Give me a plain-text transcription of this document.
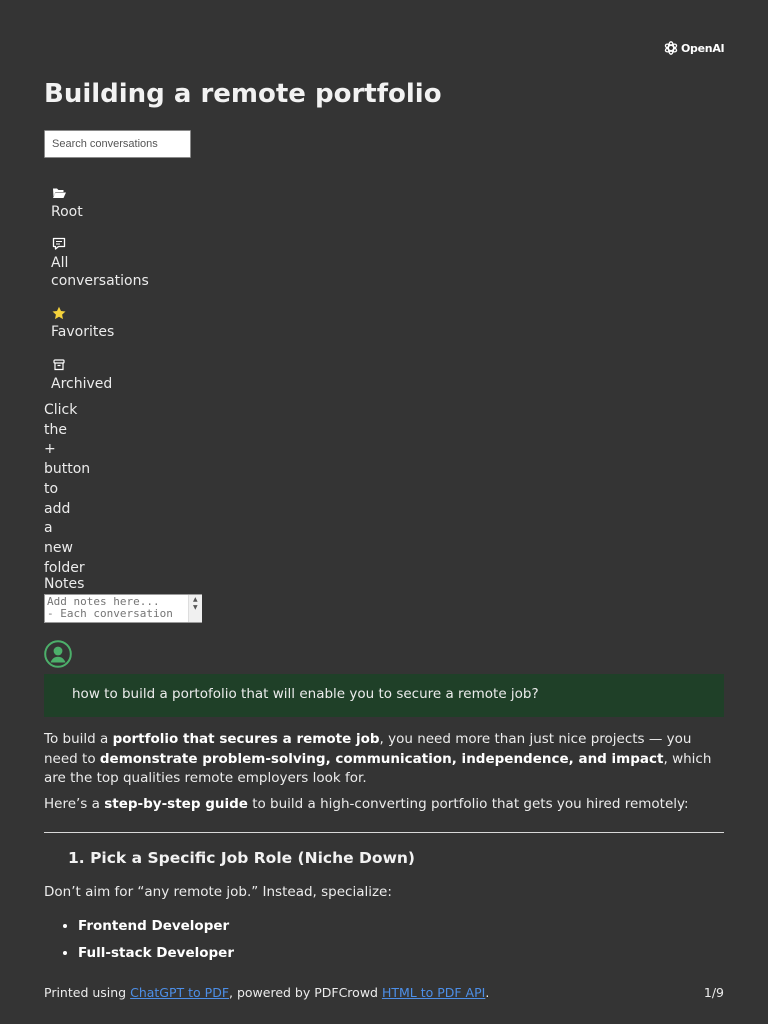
OpenAI
Building a remote portfolio
Search conversations
Root
All
conversations
Favorites
Archived
Click
the
+
button
to
add
a
new
folder
Notes
Add notes here... - Each conversation
▲
▼
how to build a portofolio that will enable you to secure a remote job?

To build a portfolio that secures a remote job, you need more than just nice projects — you need to demonstrate problem-solving, communication, independence, and impact, which are the top qualities remote employers look for.

Here’s a step-by-step guide to build a high-converting portfolio that gets you hired remotely:

1. Pick a Specific Job Role (Niche Down)

Don’t aim for “any remote job.” Instead, specialize:

• Frontend Developer
• Full-stack Developer
Printed using ChatGPT to PDF, powered by PDFCrowd HTML to PDF API.	1/9
